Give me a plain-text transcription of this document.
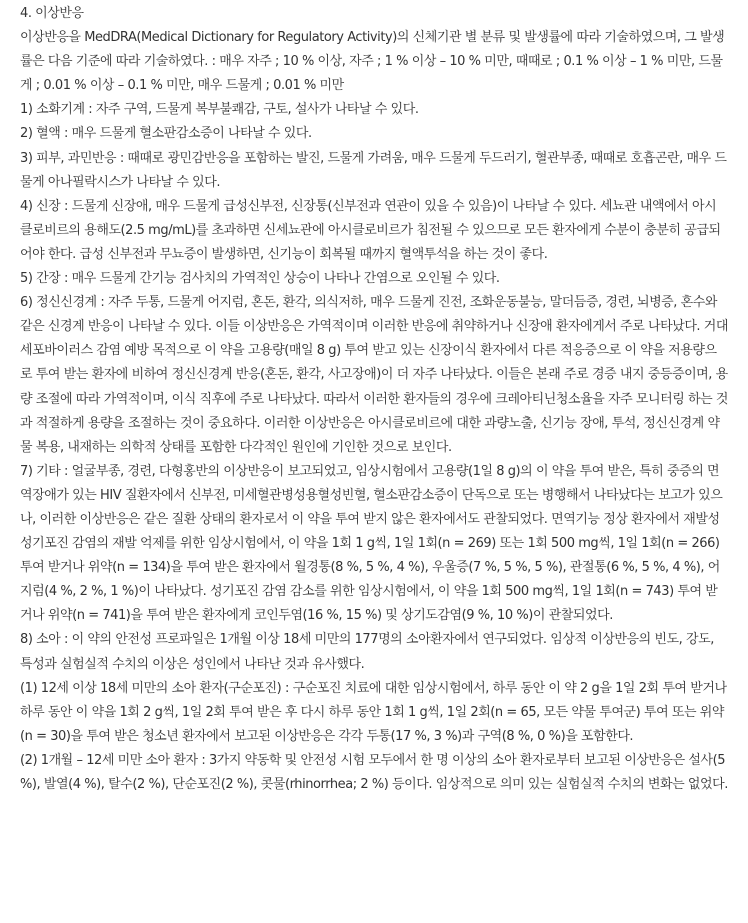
4. 이상반응

이상반응을 MedDRA(Medical Dictionary for Regulatory Activity)의 신체기관 별 분류 및 발생률에 따라 기술하였으며, 그 발생률은 다음 기준에 따라 기술하였다. : 매우 자주 ; 10 % 이상, 자주 ; 1 % 이상 – 10 % 미만, 때때로 ; 0.1 % 이상 – 1 % 미만, 드물게 ; 0.01 % 이상 – 0.1 % 미만, 매우 드물게 ; 0.01 % 미만

1) 소화기계 : 자주 구역, 드물게 복부불쾌감, 구토, 설사가 나타날 수 있다.

2) 혈액 : 매우 드물게 혈소판감소증이 나타날 수 있다.

3) 피부, 과민반응 : 때때로 광민감반응을 포함하는 발진, 드물게 가려움, 매우 드물게 두드러기, 혈관부종, 때때로 호흡곤란, 매우 드물게 아나필락시스가 나타날 수 있다.

4) 신장 : 드물게 신장애, 매우 드물게 급성신부전, 신장통(신부전과 연관이 있을 수 있음)이 나타날 수 있다. 세뇨관 내액에서 아시클로비르의 용해도(2.5 mg/mL)를 초과하면 신세뇨관에 아시클로비르가 침전될 수 있으므로 모든 환자에게 수분이 충분히 공급되어야 한다. 급성 신부전과 무뇨증이 발생하면, 신기능이 회복될 때까지 혈액투석을 하는 것이 좋다.

5) 간장 : 매우 드물게 간기능 검사치의 가역적인 상승이 나타나 간염으로 오인될 수 있다.

6) 정신신경계 : 자주 두통, 드물게 어지럼, 혼돈, 환각, 의식저하, 매우 드물게 진전, 조화운동불능, 말더듬증, 경련, 뇌병증, 혼수와 같은 신경계 반응이 나타날 수 있다. 이들 이상반응은 가역적이며 이러한 반응에 취약하거나 신장애 환자에게서 주로 나타났다. 거대세포바이러스 감염 예방 목적으로 이 약을 고용량(매일 8 g) 투여 받고 있는 신장이식 환자에서 다른 적응증으로 이 약을 저용량으로 투여 받는 환자에 비하여 정신신경계 반응(혼돈, 환각, 사고장애)이 더 자주 나타났다. 이들은 본래 주로 경증 내지 중등증이며, 용량 조절에 따라 가역적이며, 이식 직후에 주로 나타났다. 따라서 이러한 환자들의 경우에 크레아티닌청소율을 자주 모니터링 하는 것과 적절하게 용량을 조절하는 것이 중요하다. 이러한 이상반응은 아시클로비르에 대한 과량노출, 신기능 장애, 투석, 정신신경계 약물 복용, 내재하는 의학적 상태를 포함한 다각적인 원인에 기인한 것으로 보인다.

7) 기타 : 얼굴부종, 경련, 다형홍반의 이상반응이 보고되었고, 임상시험에서 고용량(1일 8 g)의 이 약을 투여 받은, 특히 중증의 면역장애가 있는 HIV 질환자에서 신부전, 미세혈관병성용혈성빈혈, 혈소판감소증이 단독으로 또는 병행해서 나타났다는 보고가 있으나, 이러한 이상반응은 같은 질환 상태의 환자로서 이 약을 투여 받지 않은 환자에서도 관찰되었다. 면역기능 정상 환자에서 재발성 성기포진 감염의 재발 억제를 위한 임상시험에서, 이 약을 1회 1 g씩, 1일 1회(n = 269) 또는 1회 500 mg씩, 1일 1회(n = 266) 투여 받거나 위약(n = 134)을 투여 받은 환자에서 월경통(8 %, 5 %, 4 %), 우울증(7 %, 5 %, 5 %), 관절통(6 %, 5 %, 4 %), 어지럼(4 %, 2 %, 1 %)이 나타났다. 성기포진 감염 감소를 위한 임상시험에서, 이 약을 1회 500 mg씩, 1일 1회(n = 743) 투여 받거나 위약(n = 741)을 투여 받은 환자에게 코인두염(16 %, 15 %) 및 상기도감염(9 %, 10 %)이 관찰되었다.

8) 소아 : 이 약의 안전성 프로파일은 1개월 이상 18세 미만의 177명의 소아환자에서 연구되었다. 임상적 이상반응의 빈도, 강도, 특성과 실험실적 수치의 이상은 성인에서 나타난 것과 유사했다.

(1) 12세 이상 18세 미만의 소아 환자(구순포진) : 구순포진 치료에 대한 임상시험에서, 하루 동안 이 약 2 g을 1일 2회 투여 받거나 하루 동안 이 약을 1회 2 g씩, 1일 2회 투여 받은 후 다시 하루 동안 1회 1 g씩, 1일 2회(n = 65, 모든 약물 투여군) 투여 또는 위약(n = 30)을 투여 받은 청소년 환자에서 보고된 이상반응은 각각 두통(17 %, 3 %)과 구역(8 %, 0 %)을 포함한다.

(2) 1개월 – 12세 미만 소아 환자 : 3가지 약동학 및 안전성 시험 모두에서 한 명 이상의 소아 환자로부터 보고된 이상반응은 설사(5 %), 발열(4 %), 탈수(2 %), 단순포진(2 %), 콧물(rhinorrhea; 2 %) 등이다. 임상적으로 의미 있는 실험실적 수치의 변화는 없었다.
